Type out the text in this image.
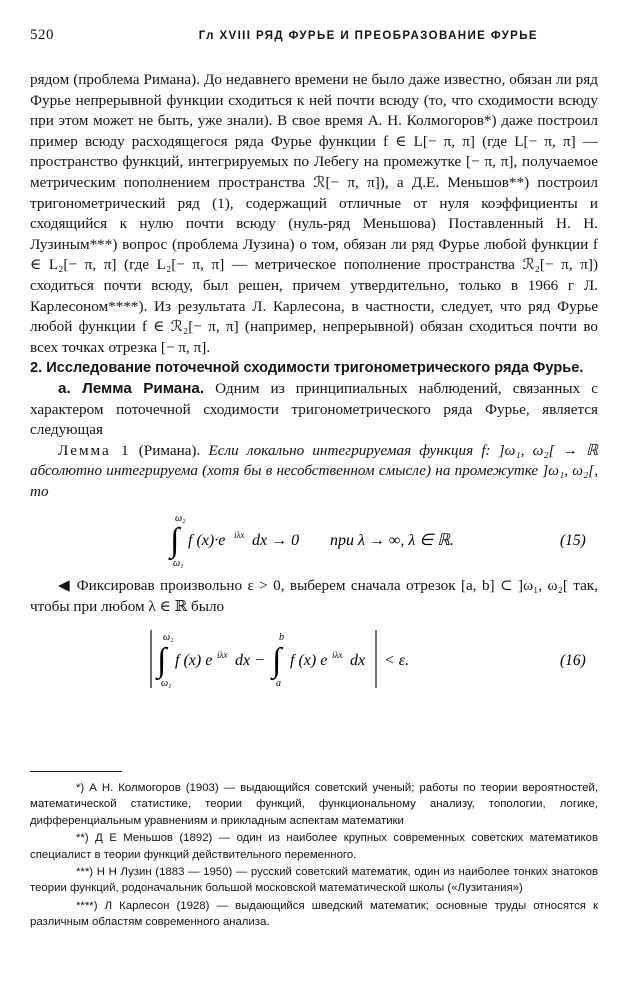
520	Гл XVIII РЯД ФУРЬЕ И ПРЕОБРАЗОВАНИЕ ФУРЬЕ

рядом (проблема Римана). До недавнего времени не было даже известно, обязан ли ряд Фурье непрерывной функции сходиться к ней почти всюду (то, что сходимости всюду при этом может не быть, уже знали). В свое время А. Н. Колмогоров*) даже построил пример всюду расходящегося ряда Фурье функции f ∈ L[− π, π] (где L[− π, π] — пространство функций, интегрируемых по Лебегу на промежутке [− π, π], получаемое метрическим пополнением пространства ℛ[− π, π]), а Д.Е. Меньшов**) построил тригонометрический ряд (1), содержащий отличные от нуля коэффициенты и сходящийся к нулю почти всюду (нуль-ряд Меньшова) Поставленный Н. Н. Лузиным***) вопрос (проблема Лузина) о том, обязан ли ряд Фурье любой функции f ∈ L₂[− π, π] (где L₂[− π, π] — метрическое пополнение пространства ℛ₂[− π, π]) сходиться почти всюду, был решен, причем утвердительно, только в 1966 г Л. Карлесоном****). Из результата Л. Карлесона, в частности, следует, что ряд Фурье любой функции f ∈ ℛ₂[− π, π] (например, непрерывной) обязан сходиться почти во всех точках отрезка [− π, π].

2. Исследование поточечной сходимости тригонометрического ряда Фурье.

а. Лемма Римана. Одним из принципиальных наблюдений, связанных с характером поточечной сходимости тригонометрического ряда Фурье, является следующая

Лемма 1 (Римана). Если локально интегрируемая функция f: ]ω₁, ω₂[ → ℝ абсолютно интегрируема (хотя бы в несобственном смысле) на промежутке ]ω₁, ω₂[, то

ω₂
∫
ω₁
f (x)·e iλx dx → 0 при λ → ∞, λ ∈ ℝ.	(15)

◀ Фиксировав произвольно ε > 0, выберем сначала отрезок [a, b] ⊂ ]ω₁, ω₂[ так, чтобы при любом λ ∈ ℝ было

ω₂
∫
ω₁
f (x) e iλx dx −
b
∫
a
f (x) e iλx dx < ε.	(16)

*) А Н. Колмогоров (1903) — выдающийся советский ученый; работы по теории вероятностей, математической статистике, теории функций, функциональному анализу, топологии, логике, дифференциальным уравнениям и прикладным аспектам математики

**) Д Е Меньшов (1892) — один из наиболее крупных современных советских математиков специалист в теории функций действительного переменного.

***) Н Н Лузин (1883 — 1950) — русский советский математик, один из наиболее тонких знатоков теории функций, родоначальник большой московской математической школы («Лузитания»)

****) Л Карлесон (1928) — выдающийся шведский математик; основные труды относятся к различным областям современного анализа.
